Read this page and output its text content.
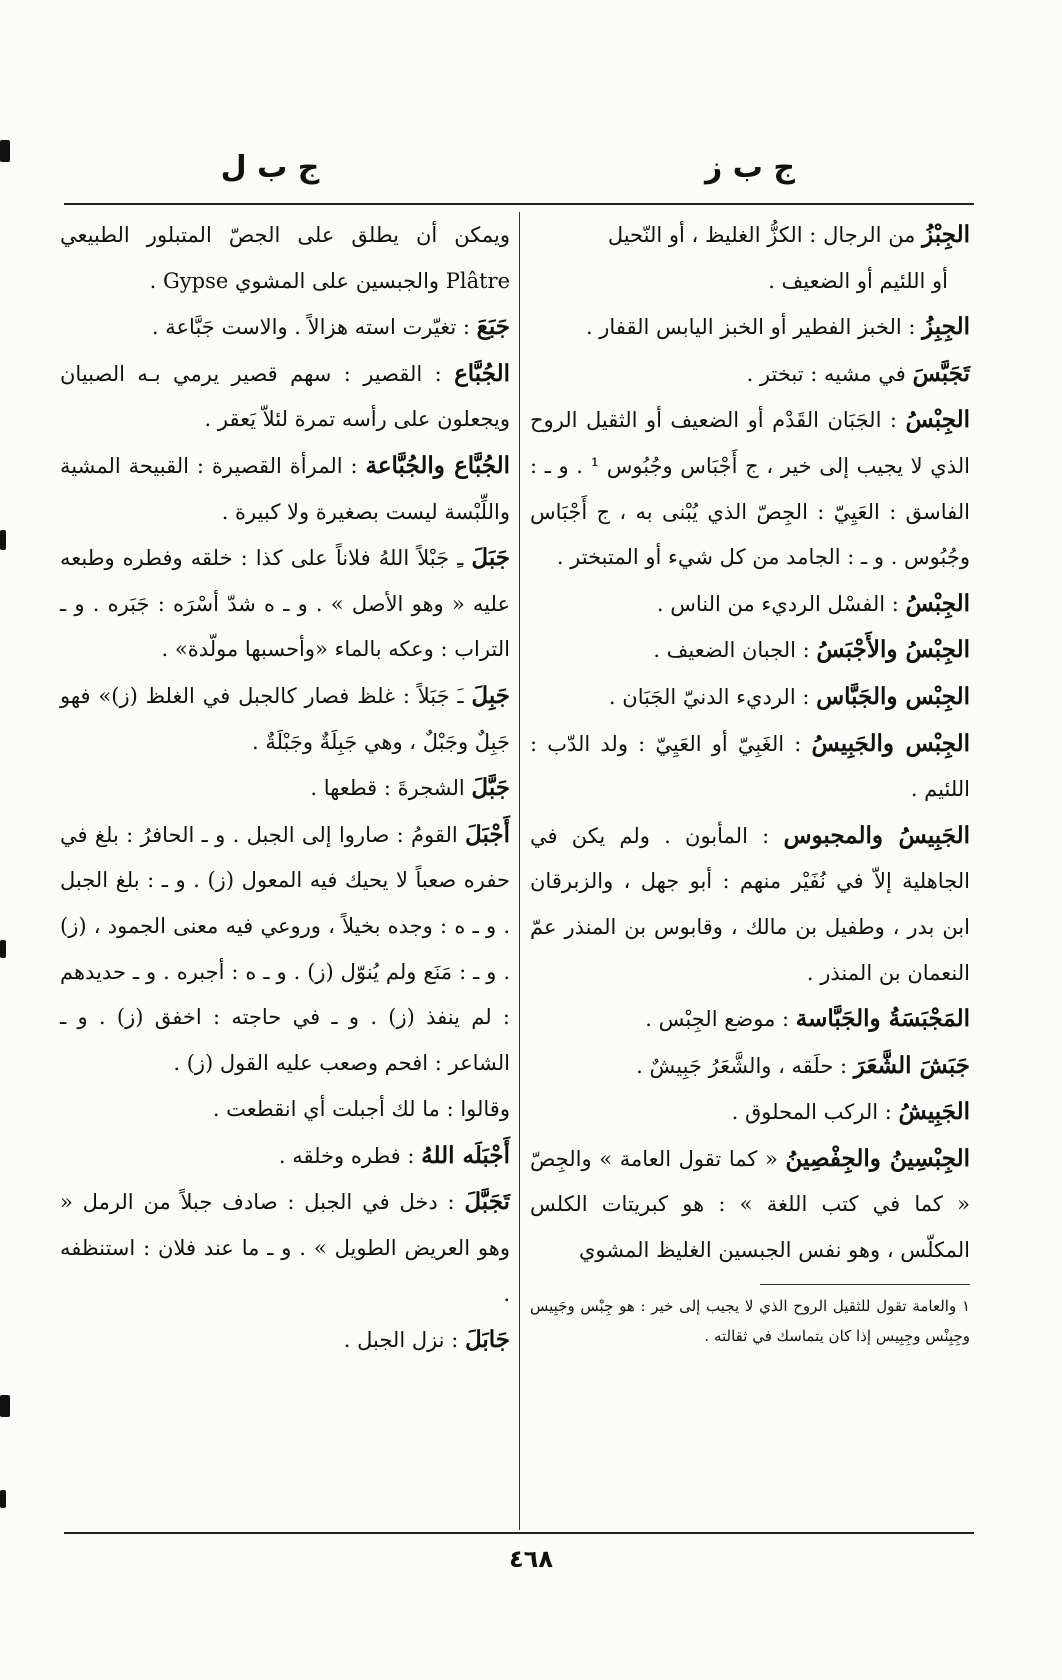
ج ب ز
ج ب ل

الجِبْزُ من الرجال : الكزُّ الغليظ ، أو النّحيل
أو اللئيم أو الضعيف .

الجِبِزُ : الخبز الفطير أو الخبز اليابس القفار .

تَجَبَّسَ في مشيه : تبختر .

الجِبْسُ : الجَبَان القَدْم أو الضعيف أو الثقيل الروح الذي لا يجيب إلى خير ، ج أَجْبَاس وجُبُوس ¹ . و ـ : الفاسق : العَيِيّ : الجِصّ الذي يُبْنى به ، ج أَجْبَاس وجُبُوس . و ـ : الجامد من كل شيء أو المتبختر .

الجِبْسُ : الفسْل الرديء من الناس .

الجِبْسُ والأَجْبَسُ : الجبان الضعيف .

الجِبْس والجَبَّاس : الرديء الدنيّ الجَبَان .

الجِبْس والجَبِيسُ : الغَبِيّ أو العَيِيّ : ولد الدّب : اللئيم .

الجَبِيسُ والمجبوس : المأبون . ولم يكن في الجاهلية إلاّ في نُفَيْر منهم : أبو جهل ، والزبرقان ابن بدر ، وطفيل بن مالك ، وقابوس بن المنذر عمّ النعمان بن المنذر .

المَجْبَسَةُ والجَبَّاسة : موضع الجِبْس .

جَبَشَ الشَّعَرَ : حلَقه ، والشَّعَرُ جَبِيشٌ .

الجَبِيشُ : الركب المحلوق .

الجِبْسِينُ والجِفْصِينُ « كما تقول العامة » والجِصّ « كما في كتب اللغة » : هو كبريتات الكلس المكلّس ، وهو نفس الجبسين الغليظ المشوي

١ والعامة تقول للثقيل الروح الذي لا يجيب إلى خير : هو جِبْس وجَبِيس وجِبِنْس وجِبِيس إذا كان يتماسك في ثقالته .

ويمكن أن يطلق على الجصّ المتبلور الطبيعي Plâtre والجبسين على المشوي Gypse .

جَبَعَ : تغيّرت استه هزالاً . والاست جَبَّاعة .

الجُبَّاع : القصير : سهم قصير يرمي بـه الصبيان ويجعلون على رأسه تمرة لئلاّ يَعقر .

الجُبَّاع والجُبَّاعة : المرأة القصيرة : القبيحة المشية واللِّبْسة ليست بصغيرة ولا كبيرة .

جَبَلَ ـِ جَبْلاً اللهُ فلاناً على كذا : خلقه وفطره وطبعه عليه « وهو الأصل » . و ـ ه شدّ أسْرَه : جَبَره . و ـ التراب : وعكه بالماء «وأحسبها مولّدة» .

جَبِلَ ـَ جَبَلاً : غلظ فصار كالجبل في الغلظ (ز)» فهو جَبِلٌ وجَبْلٌ ، وهي جَبِلَةٌ وجَبْلَةٌ .

جَبَّلَ الشجرةَ : قطعها .

أَجْبَلَ القومُ : صاروا إلى الجبل . و ـ الحافرُ : بلغ في حفره صعباً لا يحيك فيه المعول (ز) . و ـ : بلغ الجبل . و ـ ه : وجده بخيلاً ، وروعي فيه معنى الجمود ، (ز) . و ـ : مَنَع ولم يُنوّل (ز) . و ـ ه : أجبره . و ـ حديدهم : لم ينفذ (ز) . و ـ في حاجته : اخفق (ز) . و ـ الشاعر : افحم وصعب عليه القول (ز) .

وقالوا : ما لك أجبلت أي انقطعت .

أَجْبَلَه اللهُ : فطره وخلقه .

تَجَبَّلَ : دخل في الجبل : صادف جبلاً من الرمل « وهو العريض الطويل » . و ـ ما عند فلان : استنظفه .

جَابَلَ : نزل الجبل .

٤٦٨
